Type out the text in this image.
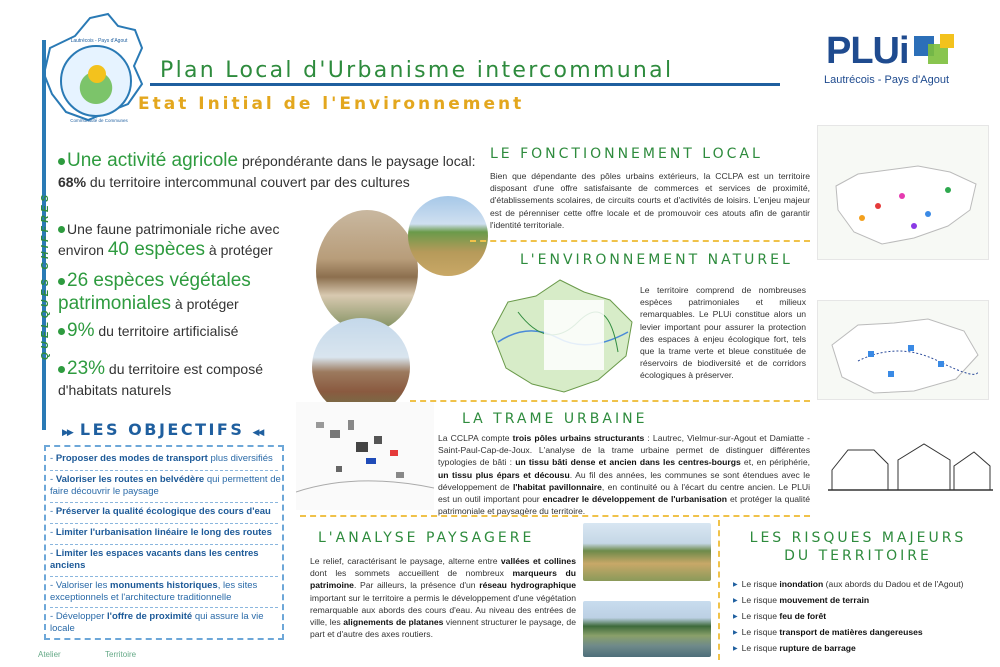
Lautrécois - Pays d'Agout
Communauté de Communes
Plan Local d'Urbanisme intercommunal
Etat Initial de l'Environnement
PLUi
Lautrécois - Pays d'Agout
QUELQUES CHIFFRES
Une activité agricole prépondérante dans le paysage local: 68% du territoire intercommunal couvert par des cultures
Une faune patrimoniale riche avec environ 40 espèces à protéger
26 espèces végétales patrimoniales à protéger
9% du territoire artificialisé
23% du territoire est composé d'habitats naturels
▶▶ LES OBJECTIFS ◀◀
- Proposer des modes de transport plus diversifiés
- Valoriser les routes en belvédère qui permettent de faire découvrir le paysage
- Préserver la qualité écologique des cours d'eau
- Limiter l'urbanisation linéaire le long des routes
- Limiter les espaces vacants dans les centres anciens
- Valoriser les monuments historiques, les sites exceptionnels et l'architecture traditionnelle
- Développer l'offre de proximité qui assure la vie locale
LE FONCTIONNEMENT LOCAL
Bien que dépendante des pôles urbains extérieurs, la CCLPA est un territoire disposant d'une offre satisfaisante de commerces et services de proximité, d'établissements scolaires, de circuits courts et d'activités de loisirs. L'enjeu majeur est de pérenniser cette offre locale et de promouvoir ces atouts afin de garantir l'identité territoriale.
L'ENVIRONNEMENT NATUREL
Le territoire comprend de nombreuses espèces patrimoniales et milieux remarquables. Le PLUi constitue alors un levier important pour assurer la protection des espaces à enjeu écologique fort, tels que la trame verte et bleue constituée de réservoirs de biodiversité et de corridors écologiques à préserver.
LA TRAME URBAINE
La CCLPA compte trois pôles urbains structurants : Lautrec, Vielmur-sur-Agout et Damiatte - Saint-Paul-Cap-de-Joux. L'analyse de la trame urbaine permet de distinguer différentes typologies de bâti : un tissu bâti dense et ancien dans les centres-bourgs et, en périphérie, un tissu plus épars et décousu. Au fil des années, les communes se sont étendues avec le développement de l'habitat pavillonnaire, en continuité ou à l'écart du centre ancien. Le PLUi est un outil important pour encadrer le développement de l'urbanisation et protéger la qualité patrimoniale et paysagère du territoire.
L'ANALYSE PAYSAGERE
Le relief, caractérisant le paysage, alterne entre vallées et collines dont les sommets accueillent de nombreux marqueurs du patrimoine. Par ailleurs, la présence d'un réseau hydrographique important sur le territoire a permis le développement d'une végétation remarquable aux abords des cours d'eau. Au niveau des entrées de ville, les alignements de platanes viennent structurer le paysage, de part et d'autre des axes routiers.
LES RISQUES MAJEURS
DU TERRITOIRE
▶ Le risque inondation (aux abords du Dadou et de l'Agout)
▶ Le risque mouvement de terrain
▶ Le risque feu de forêt
▶ Le risque transport de matières dangereuses
▶ Le risque rupture de barrage
Atelier	Territoire
